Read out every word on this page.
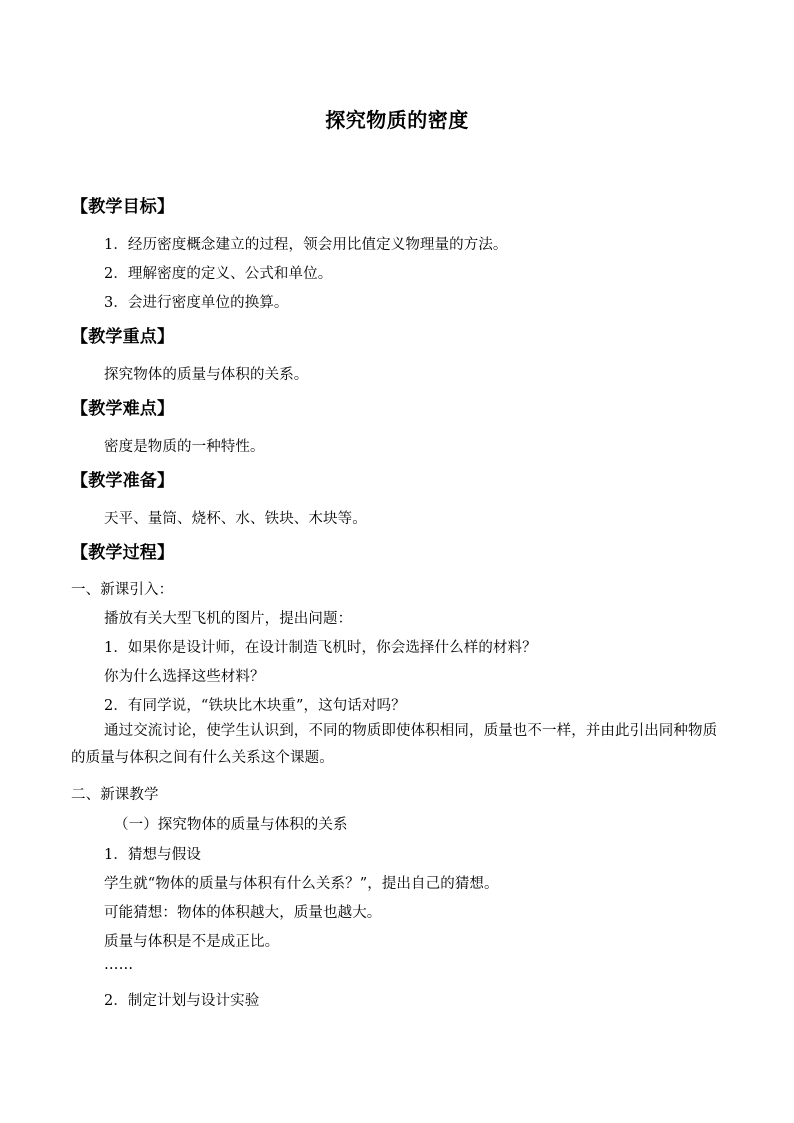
探究物质的密度
【教学目标】
1．经历密度概念建立的过程，领会用比值定义物理量的方法。
2．理解密度的定义、公式和单位。
3．会进行密度单位的换算。
【教学重点】
探究物体的质量与体积的关系。
【教学难点】
密度是物质的一种特性。
【教学准备】
天平、量筒、烧杯、水、铁块、木块等。
【教学过程】
一、新课引入：
播放有关大型飞机的图片，提出问题：
1．如果你是设计师，在设计制造飞机时，你会选择什么样的材料？
你为什么选择这些材料？
2．有同学说，“铁块比木块重”，这句话对吗？
通过交流讨论，使学生认识到，不同的物质即使体积相同，质量也不一样，并由此引出同种物质的质量与体积之间有什么关系这个课题。
二、新课教学
（一）探究物体的质量与体积的关系
1．猜想与假设
学生就“物体的质量与体积有什么关系？”，提出自己的猜想。
可能猜想：物体的体积越大，质量也越大。
质量与体积是不是成正比。
……
2．制定计划与设计实验
